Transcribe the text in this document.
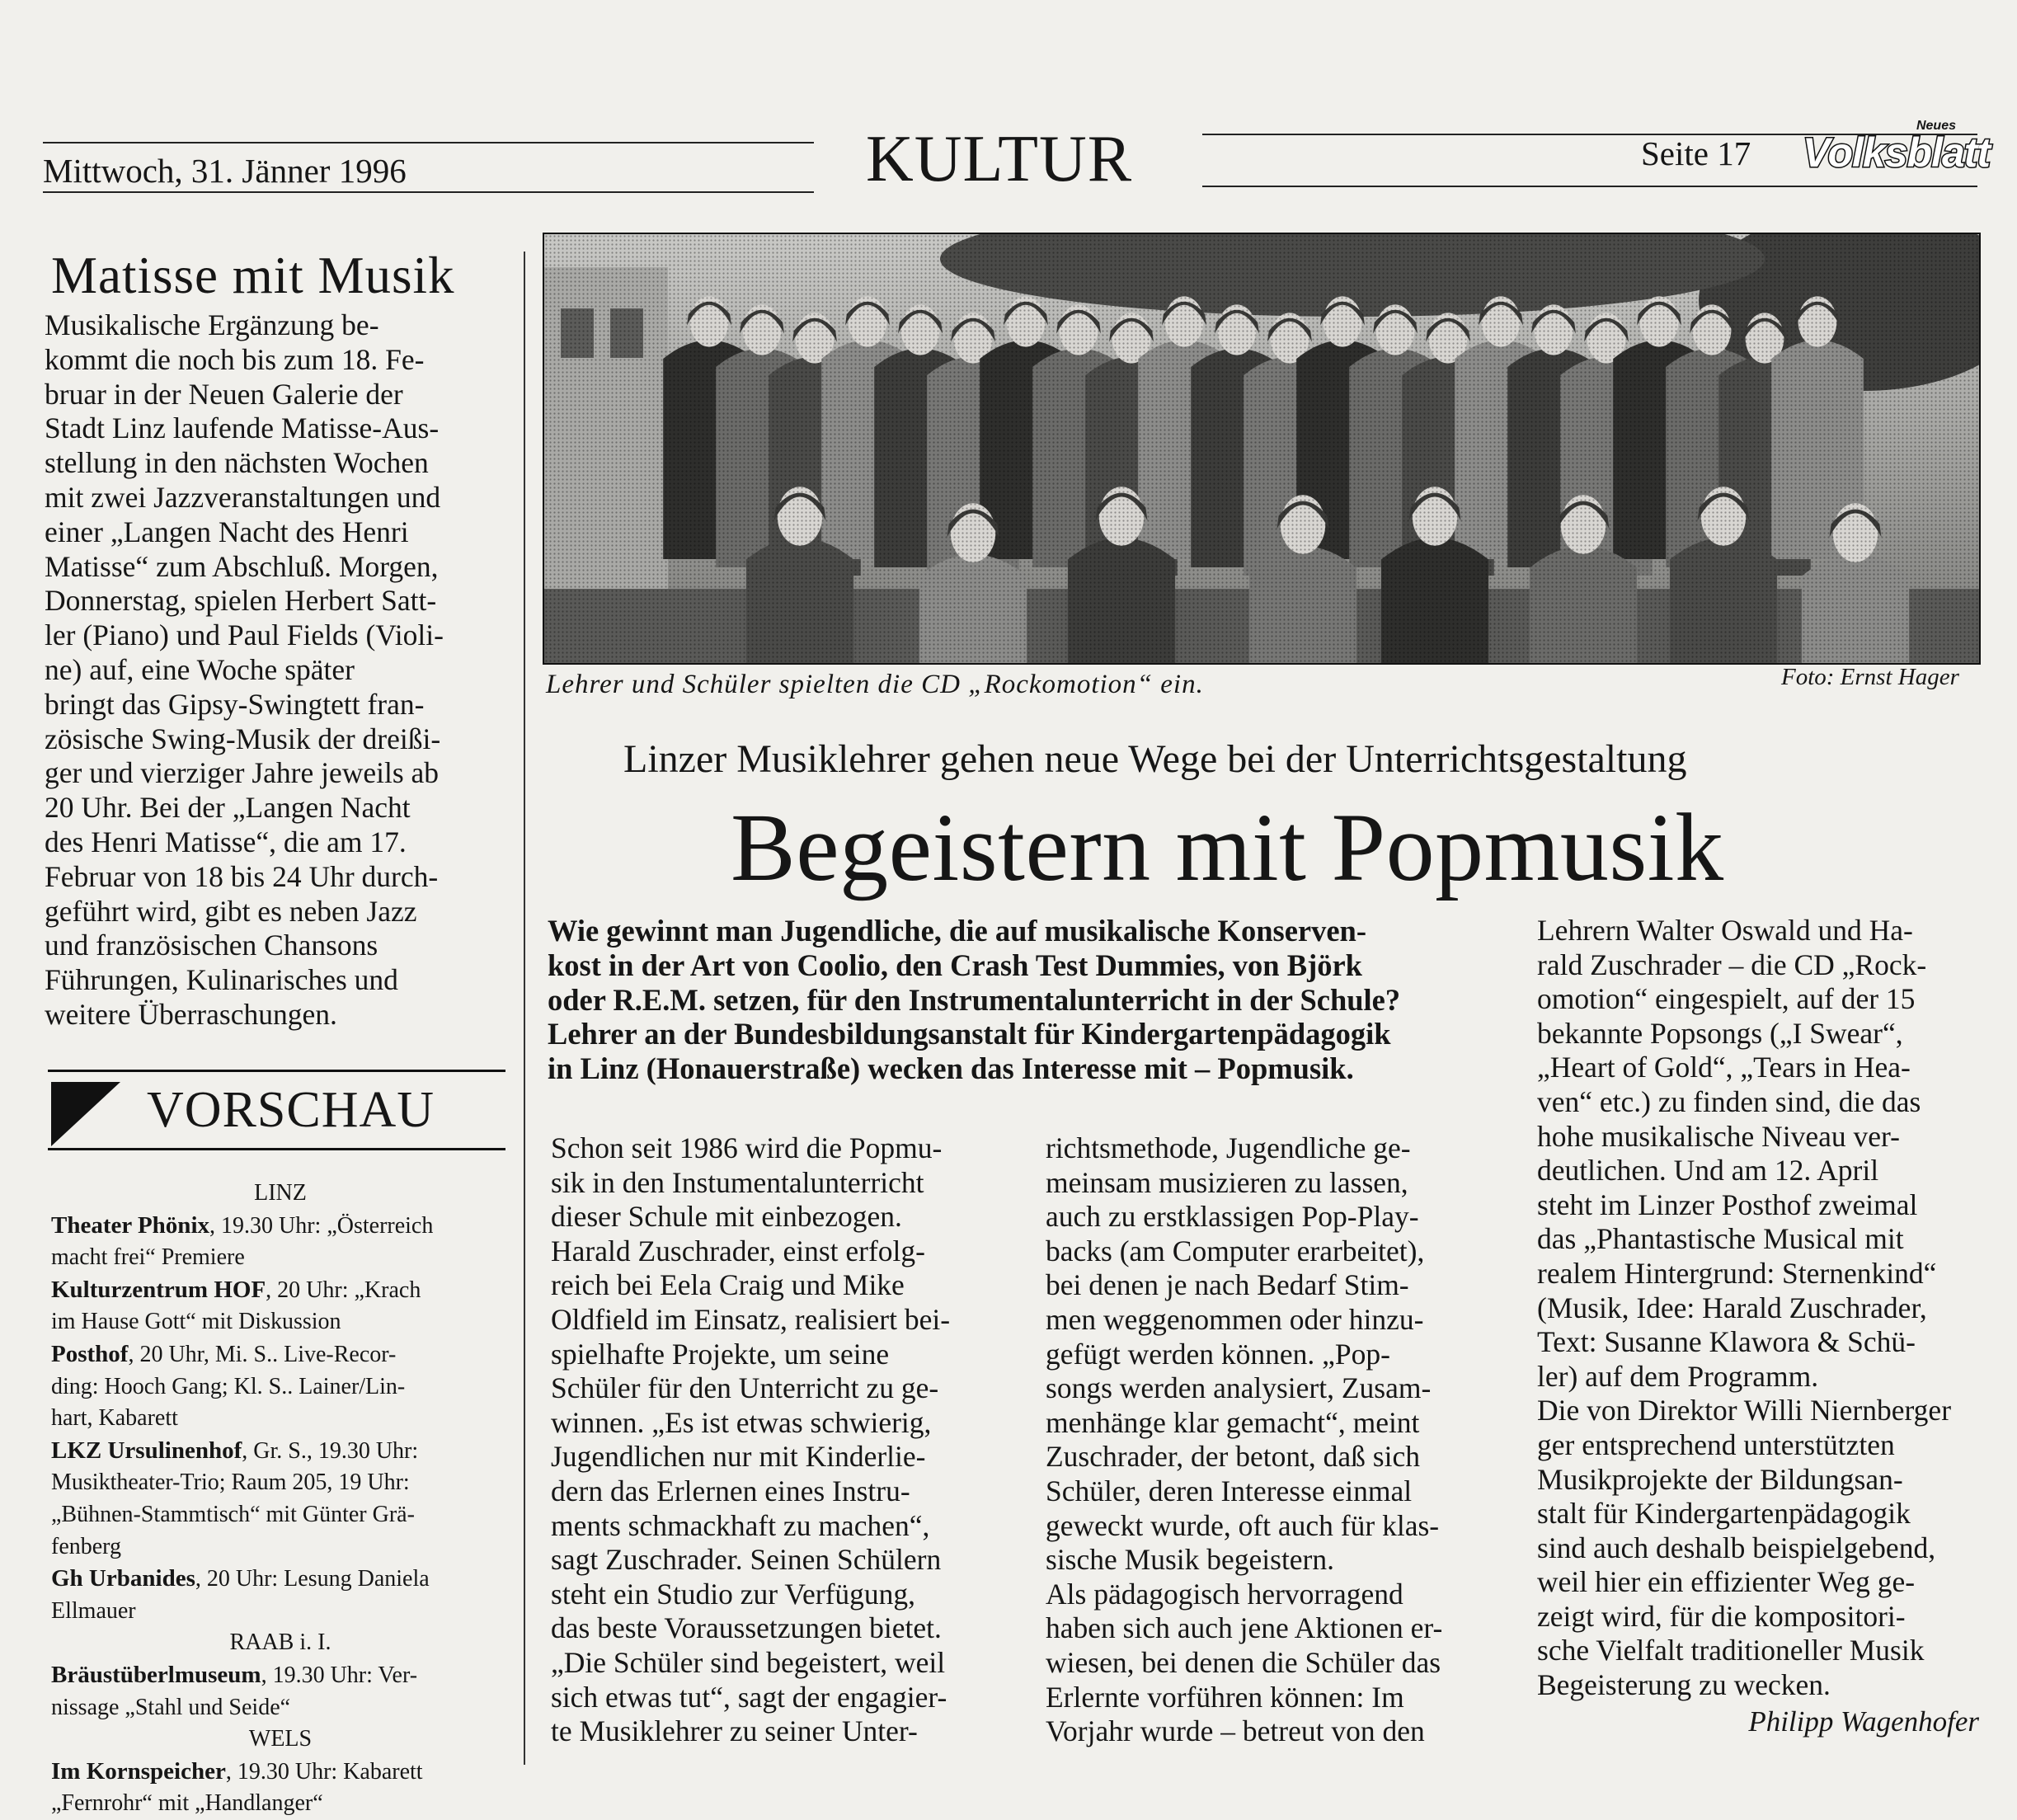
Mittwoch, 31. Jänner 1996	KULTUR	Seite 17
Neues
Volksblatt
Matisse mit Musik

Musikalische Ergänzung be-

kommt die noch bis zum 18. Fe-

bruar in der Neuen Galerie der

Stadt Linz laufende Matisse-Aus-

stellung in den nächsten Wochen

mit zwei Jazzveranstaltungen und

einer „Langen Nacht des Henri

Matisse“ zum Abschluß. Morgen,

Donnerstag, spielen Herbert Satt-

ler (Piano) und Paul Fields (Violi-

ne) auf, eine Woche später

bringt das Gipsy-Swingtett fran-

zösische Swing-Musik der dreißi-

ger und vierziger Jahre jeweils ab

20 Uhr. Bei der „Langen Nacht

des Henri Matisse“, die am 17.

Februar von 18 bis 24 Uhr durch-

geführt wird, gibt es neben Jazz

und französischen Chansons

Führungen, Kulinarisches und

weitere Überraschungen.

VORSCHAU
LINZ
Theater Phönix, 19.30 Uhr: „Österreich
macht frei“ Premiere
Kulturzentrum HOF, 20 Uhr: „Krach
im Hause Gott“ mit Diskussion
Posthof, 20 Uhr, Mi. S.. Live-Recor-
ding: Hooch Gang; Kl. S.. Lainer/Lin-
hart, Kabarett
LKZ Ursulinenhof, Gr. S., 19.30 Uhr:
Musiktheater-Trio; Raum 205, 19 Uhr:
„Bühnen-Stammtisch“ mit Günter Grä-
fenberg
Gh Urbanides, 20 Uhr: Lesung Daniela
Ellmauer
RAAB i. I.
Bräustüberlmuseum, 19.30 Uhr: Ver-
nissage „Stahl und Seide“
WELS
Im Kornspeicher, 19.30 Uhr: Kabarett
„Fernrohr“ mit „Handlanger“
Lehrer und Schüler spielten die CD „Rockomotion“ ein.	Foto: Ernst Hager
Linzer Musiklehrer gehen neue Wege bei der Unterrichtsgestaltung
Begeistern mit Popmusik

Wie gewinnt man Jugendliche, die auf musikalische Konserven-

kost in der Art von Coolio, den Crash Test Dummies, von Björk

oder R.E.M. setzen, für den Instrumentalunterricht in der Schule?

Lehrer an der Bundesbildungsanstalt für Kindergartenpädagogik

in Linz (Honauerstraße) wecken das Interesse mit – Popmusik.

Schon seit 1986 wird die Popmu-

sik in den Instumentalunterricht

dieser Schule mit einbezogen.

Harald Zuschrader, einst erfolg-

reich bei Eela Craig und Mike

Oldfield im Einsatz, realisiert bei-

spielhafte Projekte, um seine

Schüler für den Unterricht zu ge-

winnen. „Es ist etwas schwierig,

Jugendlichen nur mit Kinderlie-

dern das Erlernen eines Instru-

ments schmackhaft zu machen“,

sagt Zuschrader. Seinen Schülern

steht ein Studio zur Verfügung,

das beste Voraussetzungen bietet.

„Die Schüler sind begeistert, weil

sich etwas tut“, sagt der engagier-

te Musiklehrer zu seiner Unter-

richtsmethode, Jugendliche ge-

meinsam musizieren zu lassen,

auch zu erstklassigen Pop-Play-

backs (am Computer erarbeitet),

bei denen je nach Bedarf Stim-

men weggenommen oder hinzu-

gefügt werden können. „Pop-

songs werden analysiert, Zusam-

menhänge klar gemacht“, meint

Zuschrader, der betont, daß sich

Schüler, deren Interesse einmal

geweckt wurde, oft auch für klas-

sische Musik begeistern.

Als pädagogisch hervorragend

haben sich auch jene Aktionen er-

wiesen, bei denen die Schüler das

Erlernte vorführen können: Im

Vorjahr wurde – betreut von den

Lehrern Walter Oswald und Ha-

rald Zuschrader – die CD „Rock-

omotion“ eingespielt, auf der 15

bekannte Popsongs („I Swear“,

„Heart of Gold“, „Tears in Hea-

ven“ etc.) zu finden sind, die das

hohe musikalische Niveau ver-

deutlichen. Und am 12. April

steht im Linzer Posthof zweimal

das „Phantastische Musical mit

realem Hintergrund: Sternenkind“

(Musik, Idee: Harald Zuschrader,

Text: Susanne Klawora & Schü-

ler) auf dem Programm.

Die von Direktor Willi Niernberger

ger entsprechend unterstützten

Musikprojekte der Bildungsan-

stalt für Kindergartenpädagogik

sind auch deshalb beispielgebend,

weil hier ein effizienter Weg ge-

zeigt wird, für die kompositori-

sche Vielfalt traditioneller Musik

Begeisterung zu wecken.

Philipp Wagenhofer
